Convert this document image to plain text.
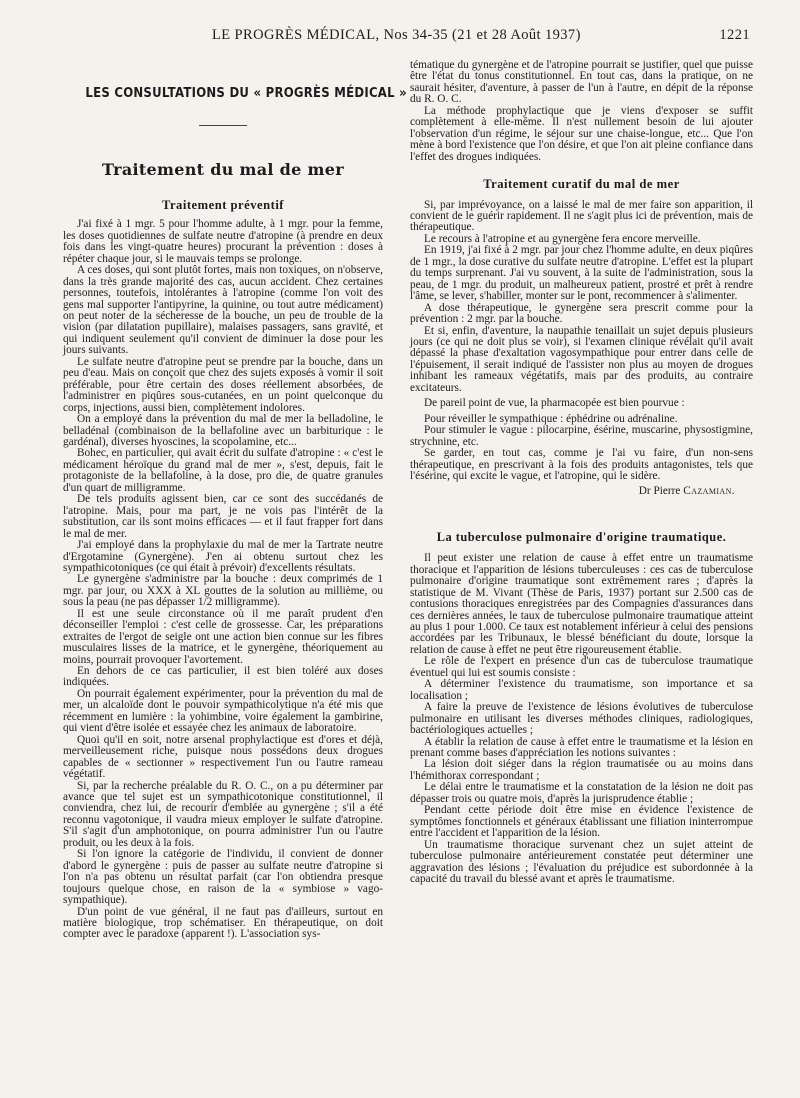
LE PROGRÈS MÉDICAL, Nos 34-35 (21 et 28 Août 1937)	1221
LES CONSULTATIONS DU « PROGRÈS MÉDICAL »
Traitement du mal de mer
Traitement préventif

J'ai fixé à 1 mgr. 5 pour l'homme adulte, à 1 mgr. pour la femme, les doses quotidiennes de sulfate neutre d'atropine (à prendre en deux fois dans les vingt-quatre heures) procurant la prévention : doses à répéter chaque jour, si le mauvais temps se prolonge.

A ces doses, qui sont plutôt fortes, mais non toxiques, on n'observe, dans la très grande majorité des cas, aucun accident. Chez certaines personnes, toutefois, intolérantes à l'atropine (comme l'on voit des gens mal supporter l'antipyrine, la quinine, ou tout autre médicament) on peut noter de la sécheresse de la bouche, un peu de trouble de la vision (par dilatation pupillaire), malaises passagers, sans gravité, et qui indiquent seulement qu'il convient de diminuer la dose pour les jours suivants.

Le sulfate neutre d'atropine peut se prendre par la bouche, dans un peu d'eau. Mais on conçoit que chez des sujets exposés à vomir il soit préférable, pour être certain des doses réellement absorbées, de l'administrer en piqûres sous-cutanées, en un point quelconque du corps, injections, aussi bien, complètement indolores.

On a employé dans la prévention du mal de mer la belladoline, le belladénal (combinaison de la bellafoline avec un barbiturique : le gardénal), diverses hyoscines, la scopolamine, etc...

Bohec, en particulier, qui avait écrit du sulfate d'atropine : « c'est le médicament héroïque du grand mal de mer », s'est, depuis, fait le protagoniste de la bellafoline, à la dose, pro die, de quatre granules d'un quart de milligramme.

De tels produits agissent bien, car ce sont des succédanés de l'atropine. Mais, pour ma part, je ne vois pas l'intérêt de la substitution, car ils sont moins efficaces — et il faut frapper fort dans le mal de mer.

J'ai employé dans la prophylaxie du mal de mer la Tartrate neutre d'Ergotamine (Gynergène). J'en ai obtenu surtout chez les sympathicotoniques (ce qui était à prévoir) d'excellents résultats.

Le gynergène s'administre par la bouche : deux comprimés de 1 mgr. par jour, ou XXX à XL gouttes de la solution au millième, ou sous la peau (ne pas dépasser 1/2 milligramme).

Il est une seule circonstance où il me paraît prudent d'en déconseiller l'emploi : c'est celle de grossesse. Car, les préparations extraites de l'ergot de seigle ont une action bien connue sur les fibres musculaires lisses de la matrice, et le gynergène, théoriquement au moins, pourrait provoquer l'avortement.

En dehors de ce cas particulier, il est bien toléré aux doses indiquées.

On pourrait également expérimenter, pour la prévention du mal de mer, un alcaloïde dont le pouvoir sympathicolytique n'a été mis que récemment en lumière : la yohimbine, voire également la gambirine, qui vient d'être isolée et essayée chez les animaux de laboratoire.

Quoi qu'il en soit, notre arsenal prophylactique est d'ores et déjà, merveilleusement riche, puisque nous possédons deux drogues capables de « sectionner » respectivement l'un ou l'autre rameau végétatif.

Si, par la recherche préalable du R. O. C., on a pu déterminer par avance que tel sujet est un sympathicotonique constitutionnel, il conviendra, chez lui, de recourir d'emblée au gynergène ; s'il a été reconnu vagotonique, il vaudra mieux employer le sulfate d'atropine. S'il s'agit d'un amphotonique, on pourra administrer l'un ou l'autre produit, ou les deux à la fois.

Si l'on ignore la catégorie de l'individu, il convient de donner d'abord le gynergène : puis de passer au sulfate neutre d'atropine si l'on n'a pas obtenu un résultat parfait (car l'on obtiendra presque toujours quelque chose, en raison de la « symbiose » vago-sympathique).

D'un point de vue général, il ne faut pas d'ailleurs, surtout en matière biologique, trop schématiser. En thérapeutique, on doit compter avec le paradoxe (apparent !). L'association sys-

tématique du gynergène et de l'atropine pourrait se justifier, quel que puisse être l'état du tonus constitutionnel. En tout cas, dans la pratique, on ne saurait hésiter, d'aventure, à passer de l'un à l'autre, en dépit de la réponse du R. O. C.

La méthode prophylactique que je viens d'exposer se suffit complètement à elle-même. Il n'est nullement besoin de lui ajouter l'observation d'un régime, le séjour sur une chaise-longue, etc... Que l'on mène à bord l'existence que l'on désire, et que l'on ait pleine confiance dans l'effet des drogues indiquées.

Traitement curatif du mal de mer

Si, par imprévoyance, on a laissé le mal de mer faire son apparition, il convient de le guérir rapidement. Il ne s'agit plus ici de prévention, mais de thérapeutique.

Le recours à l'atropine et au gynergène fera encore merveille.

En 1919, j'ai fixé à 2 mgr. par jour chez l'homme adulte, en deux piqûres de 1 mgr., la dose curative du sulfate neutre d'atropine. L'effet est la plupart du temps surprenant. J'ai vu souvent, à la suite de l'administration, sous la peau, de 1 mgr. du produit, un malheureux patient, prostré et prêt à rendre l'âme, se lever, s'habiller, monter sur le pont, recommencer à s'alimenter.

A dose thérapeutique, le gynergène sera prescrit comme pour la prévention : 2 mgr. par la bouche.

Et si, enfin, d'aventure, la naupathie tenaillait un sujet depuis plusieurs jours (ce qui ne doit plus se voir), si l'examen clinique révélait qu'il avait dépassé la phase d'exaltation vagosympathique pour entrer dans celle de l'épuisement, il serait indiqué de l'assister non plus au moyen de drogues inhibant les rameaux végétatifs, mais par des produits, au contraire excitateurs.

De pareil point de vue, la pharmacopée est bien pourvue :

Pour réveiller le sympathique : éphédrine ou adrénaline.

Pour stimuler le vague : pilocarpine, ésérine, muscarine, physostigmine, strychnine, etc.

Se garder, en tout cas, comme je l'ai vu faire, d'un non-sens thérapeutique, en prescrivant à la fois des produits antagonistes, tels que l'ésérine, qui excite le vague, et l'atropine, qui le sidère.

Dr Pierre Cazamian.
La tuberculose pulmonaire d'origine traumatique.

Il peut exister une relation de cause à effet entre un traumatisme thoracique et l'apparition de lésions tuberculeuses : ces cas de tuberculose pulmonaire d'origine traumatique sont extrêmement rares ; d'après la statistique de M. Vivant (Thèse de Paris, 1937) portant sur 2.500 cas de contusions thoraciques enregistrées par des Compagnies d'assurances dans ces dernières années, le taux de tuberculose pulmonaire traumatique atteint au plus 1 pour 1.000. Ce taux est notablement inférieur à celui des pensions accordées par les Tribunaux, le blessé bénéficiant du doute, lorsque la relation de cause à effet ne peut être rigoureusement établie.

Le rôle de l'expert en présence d'un cas de tuberculose traumatique éventuel qui lui est soumis consiste :

A déterminer l'existence du traumatisme, son importance et sa localisation ;

A faire la preuve de l'existence de lésions évolutives de tuberculose pulmonaire en utilisant les diverses méthodes cliniques, radiologiques, bactériologiques actuelles ;

A établir la relation de cause à effet entre le traumatisme et la lésion en prenant comme bases d'appréciation les notions suivantes :

La lésion doit siéger dans la région traumatisée ou au moins dans l'hémithorax correspondant ;

Le délai entre le traumatisme et la constatation de la lésion ne doit pas dépasser trois ou quatre mois, d'après la jurisprudence établie ;

Pendant cette période doit être mise en évidence l'existence de symptômes fonctionnels et généraux établissant une filiation ininterrompue entre l'accident et l'apparition de la lésion.

Un traumatisme thoracique survenant chez un sujet atteint de tuberculose pulmonaire antérieurement constatée peut déterminer une aggravation des lésions ; l'évaluation du préjudice est subordonnée à la capacité du travail du blessé avant et après le traumatisme.
